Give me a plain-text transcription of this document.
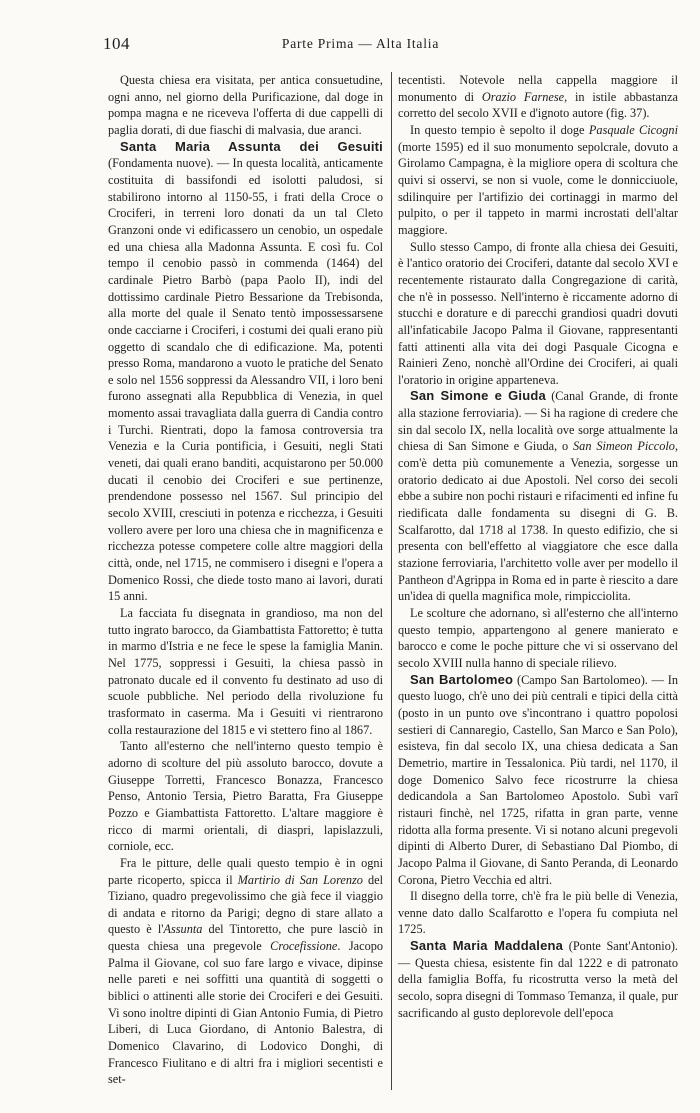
104	Parte Prima — Alta Italia

Questa chiesa era visitata, per antica consuetudine, ogni anno, nel giorno della Purificazione, dal doge in pompa magna e ne riceveva l'offerta di due cappelli di paglia dorati, di due fiaschi di malvasia, due aranci.

Santa Maria Assunta dei Gesuiti (Fondamenta nuove). — In questa località, anticamente costituita di bassifondi ed isolotti paludosi, si stabilirono intorno al 1150-55, i frati della Croce o Crociferi, in terreni loro donati da un tal Cleto Granzoni onde vi edificassero un cenobio, un ospedale ed una chiesa alla Madonna Assunta. E così fu. Col tempo il cenobio passò in commenda (1464) del cardinale Pietro Barbò (papa Paolo II), indi del dottissimo cardinale Pietro Bessarione da Trebisonda, alla morte del quale il Senato tentò impossessarsene onde cacciarne i Crociferi, i costumi dei quali erano più oggetto di scandalo che di edificazione. Ma, potenti presso Roma, mandarono a vuoto le pratiche del Senato e solo nel 1556 soppressi da Alessandro VII, i loro beni furono assegnati alla Repubblica di Venezia, in quel momento assai travagliata dalla guerra di Candia contro i Turchi. Rientrati, dopo la famosa controversia tra Venezia e la Curia pontificia, i Gesuiti, negli Stati veneti, dai quali erano banditi, acquistarono per 50.000 ducati il cenobio dei Crociferi e sue pertinenze, prendendone possesso nel 1567. Sul principio del secolo XVIII, cresciuti in potenza e ricchezza, i Gesuiti vollero avere per loro una chiesa che in magnificenza e ricchezza potesse competere colle altre maggiori della città, onde, nel 1715, ne commisero i disegni e l'opera a Domenico Rossi, che diede tosto mano ai lavori, durati 15 anni.

La facciata fu disegnata in grandioso, ma non del tutto ingrato barocco, da Giambattista Fattoretto; è tutta in marmo d'Istria e ne fece le spese la famiglia Manin. Nel 1775, soppressi i Gesuiti, la chiesa passò in patronato ducale ed il convento fu destinato ad uso di scuole pubbliche. Nel periodo della rivoluzione fu trasformato in caserma. Ma i Gesuiti vi rientrarono colla restaurazione del 1815 e vi stettero fino al 1867.

Tanto all'esterno che nell'interno questo tempio è adorno di scolture del più assoluto barocco, dovute a Giuseppe Torretti, Francesco Bonazza, Francesco Penso, Antonio Tersia, Pietro Baratta, Fra Giuseppe Pozzo e Giambattista Fattoretto. L'altare maggiore è ricco di marmi orientali, di diaspri, lapislazzuli, corniole, ecc.

Fra le pitture, delle quali questo tempio è in ogni parte ricoperto, spicca il Martirio di San Lorenzo del Tiziano, quadro pregevolissimo che già fece il viaggio di andata e ritorno da Parigi; degno di stare allato a questo è l'Assunta del Tintoretto, che pure lasciò in questa chiesa una pregevole Crocefissione. Jacopo Palma il Giovane, col suo fare largo e vivace, dipinse nelle pareti e nei soffitti una quantità di soggetti o biblici o attinenti alle storie dei Crociferi e dei Gesuiti. Vi sono inoltre dipinti di Gian Antonio Fumia, di Pietro Liberi, di Luca Giordano, di Antonio Balestra, di Domenico Clavarino, di Lodovico Donghi, di Francesco Fiulitano e di altri fra i migliori secentisti e set-

tecentisti. Notevole nella cappella maggiore il monumento di Orazio Farnese, in istile abbastanza corretto del secolo XVII e d'ignoto autore (fig. 37).

In questo tempio è sepolto il doge Pasquale Cicogni (morte 1595) ed il suo monumento sepolcrale, dovuto a Girolamo Campagna, è la migliore opera di scoltura che quivi si osservi, se non si vuole, come le donnicciuole, sdilinquire per l'artifizio dei cortinaggi in marmo del pulpito, o per il tappeto in marmi incrostati dell'altar maggiore.

Sullo stesso Campo, di fronte alla chiesa dei Gesuiti, è l'antico oratorio dei Crociferi, datante dal secolo XVI e recentemente ristaurato dalla Congregazione di carità, che n'è in possesso. Nell'interno è riccamente adorno di stucchi e dorature e di parecchi grandiosi quadri dovuti all'infaticabile Jacopo Palma il Giovane, rappresentanti fatti attinenti alla vita dei dogi Pasquale Cicogna e Rainieri Zeno, nonchè all'Ordine dei Crociferi, ai quali l'oratorio in origine apparteneva.

San Simone e Giuda (Canal Grande, di fronte alla stazione ferroviaria). — Si ha ragione di credere che sin dal secolo IX, nella località ove sorge attualmente la chiesa di San Simone e Giuda, o San Simeon Piccolo, com'è detta più comunemente a Venezia, sorgesse un oratorio dedicato ai due Apostoli. Nel corso dei secoli ebbe a subire non pochi ristauri e rifacimenti ed infine fu riedificata dalle fondamenta su disegni di G. B. Scalfarotto, dal 1718 al 1738. In questo edifizio, che si presenta con bell'effetto al viaggiatore che esce dalla stazione ferroviaria, l'architetto volle aver per modello il Pantheon d'Agrippa in Roma ed in parte è riescito a dare un'idea di quella magnifica mole, rimpicciolita.

Le scolture che adornano, sì all'esterno che all'interno questo tempio, appartengono al genere manierato e barocco e come le poche pitture che vi si osservano del secolo XVIII nulla hanno di speciale rilievo.

San Bartolomeo (Campo San Bartolomeo). — In questo luogo, ch'è uno dei più centrali e tipici della città (posto in un punto ove s'incontrano i quattro popolosi sestieri di Cannaregio, Castello, San Marco e San Polo), esisteva, fin dal secolo IX, una chiesa dedicata a San Demetrio, martire in Tessalonica. Più tardi, nel 1170, il doge Domenico Salvo fece ricostrurre la chiesa dedicandola a San Bartolomeo Apostolo. Subì varî ristauri finchè, nel 1725, rifatta in gran parte, venne ridotta alla forma presente. Vi si notano alcuni pregevoli dipinti di Alberto Durer, di Sebastiano Dal Piombo, di Jacopo Palma il Giovane, di Santo Peranda, di Leonardo Corona, Pietro Vecchia ed altri.

Il disegno della torre, ch'è fra le più belle di Venezia, venne dato dallo Scalfarotto e l'opera fu compiuta nel 1725.

Santa Maria Maddalena (Ponte Sant'Antonio). — Questa chiesa, esistente fin dal 1222 e di patronato della famiglia Boffa, fu ricostrutta verso la metà del secolo, sopra disegni di Tommaso Temanza, il quale, pur sacrificando al gusto deplorevole dell'epoca
